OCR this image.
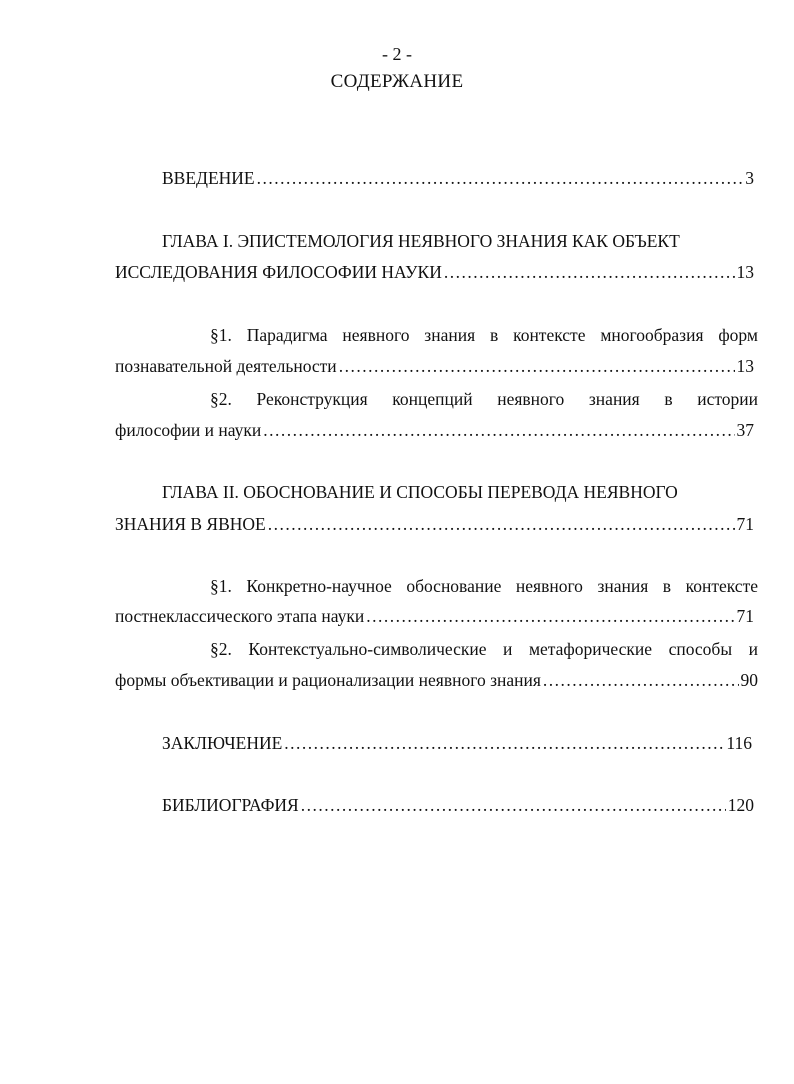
- 2 -
СОДЕРЖАНИЕ
ВВЕДЕНИЕ .....	3
ГЛАВА I. ЭПИСТЕМОЛОГИЯ НЕЯВНОГО ЗНАНИЯ КАК ОБЪЕКТ
ИССЛЕДОВАНИЯ ФИЛОСОФИИ НАУКИ .....	13
§1. Парадигма неявного знания в контексте многообразия форм
познавательной деятельности .....	13
§2. Реконструкция концепций неявного знания в истории
философии и науки .....	37
ГЛАВА II. ОБОСНОВАНИЕ И СПОСОБЫ ПЕРЕВОДА НЕЯВНОГО
ЗНАНИЯ В ЯВНОЕ .....	71
§1. Конкретно-научное обоснование неявного знания в контексте
постнеклассического этапа науки .....	71
§2. Контекстуально-символические и метафорические способы и
формы объективации и рационализации неявного знания .....	90
ЗАКЛЮЧЕНИЕ .....	116
БИБЛИОГРАФИЯ .....	120
